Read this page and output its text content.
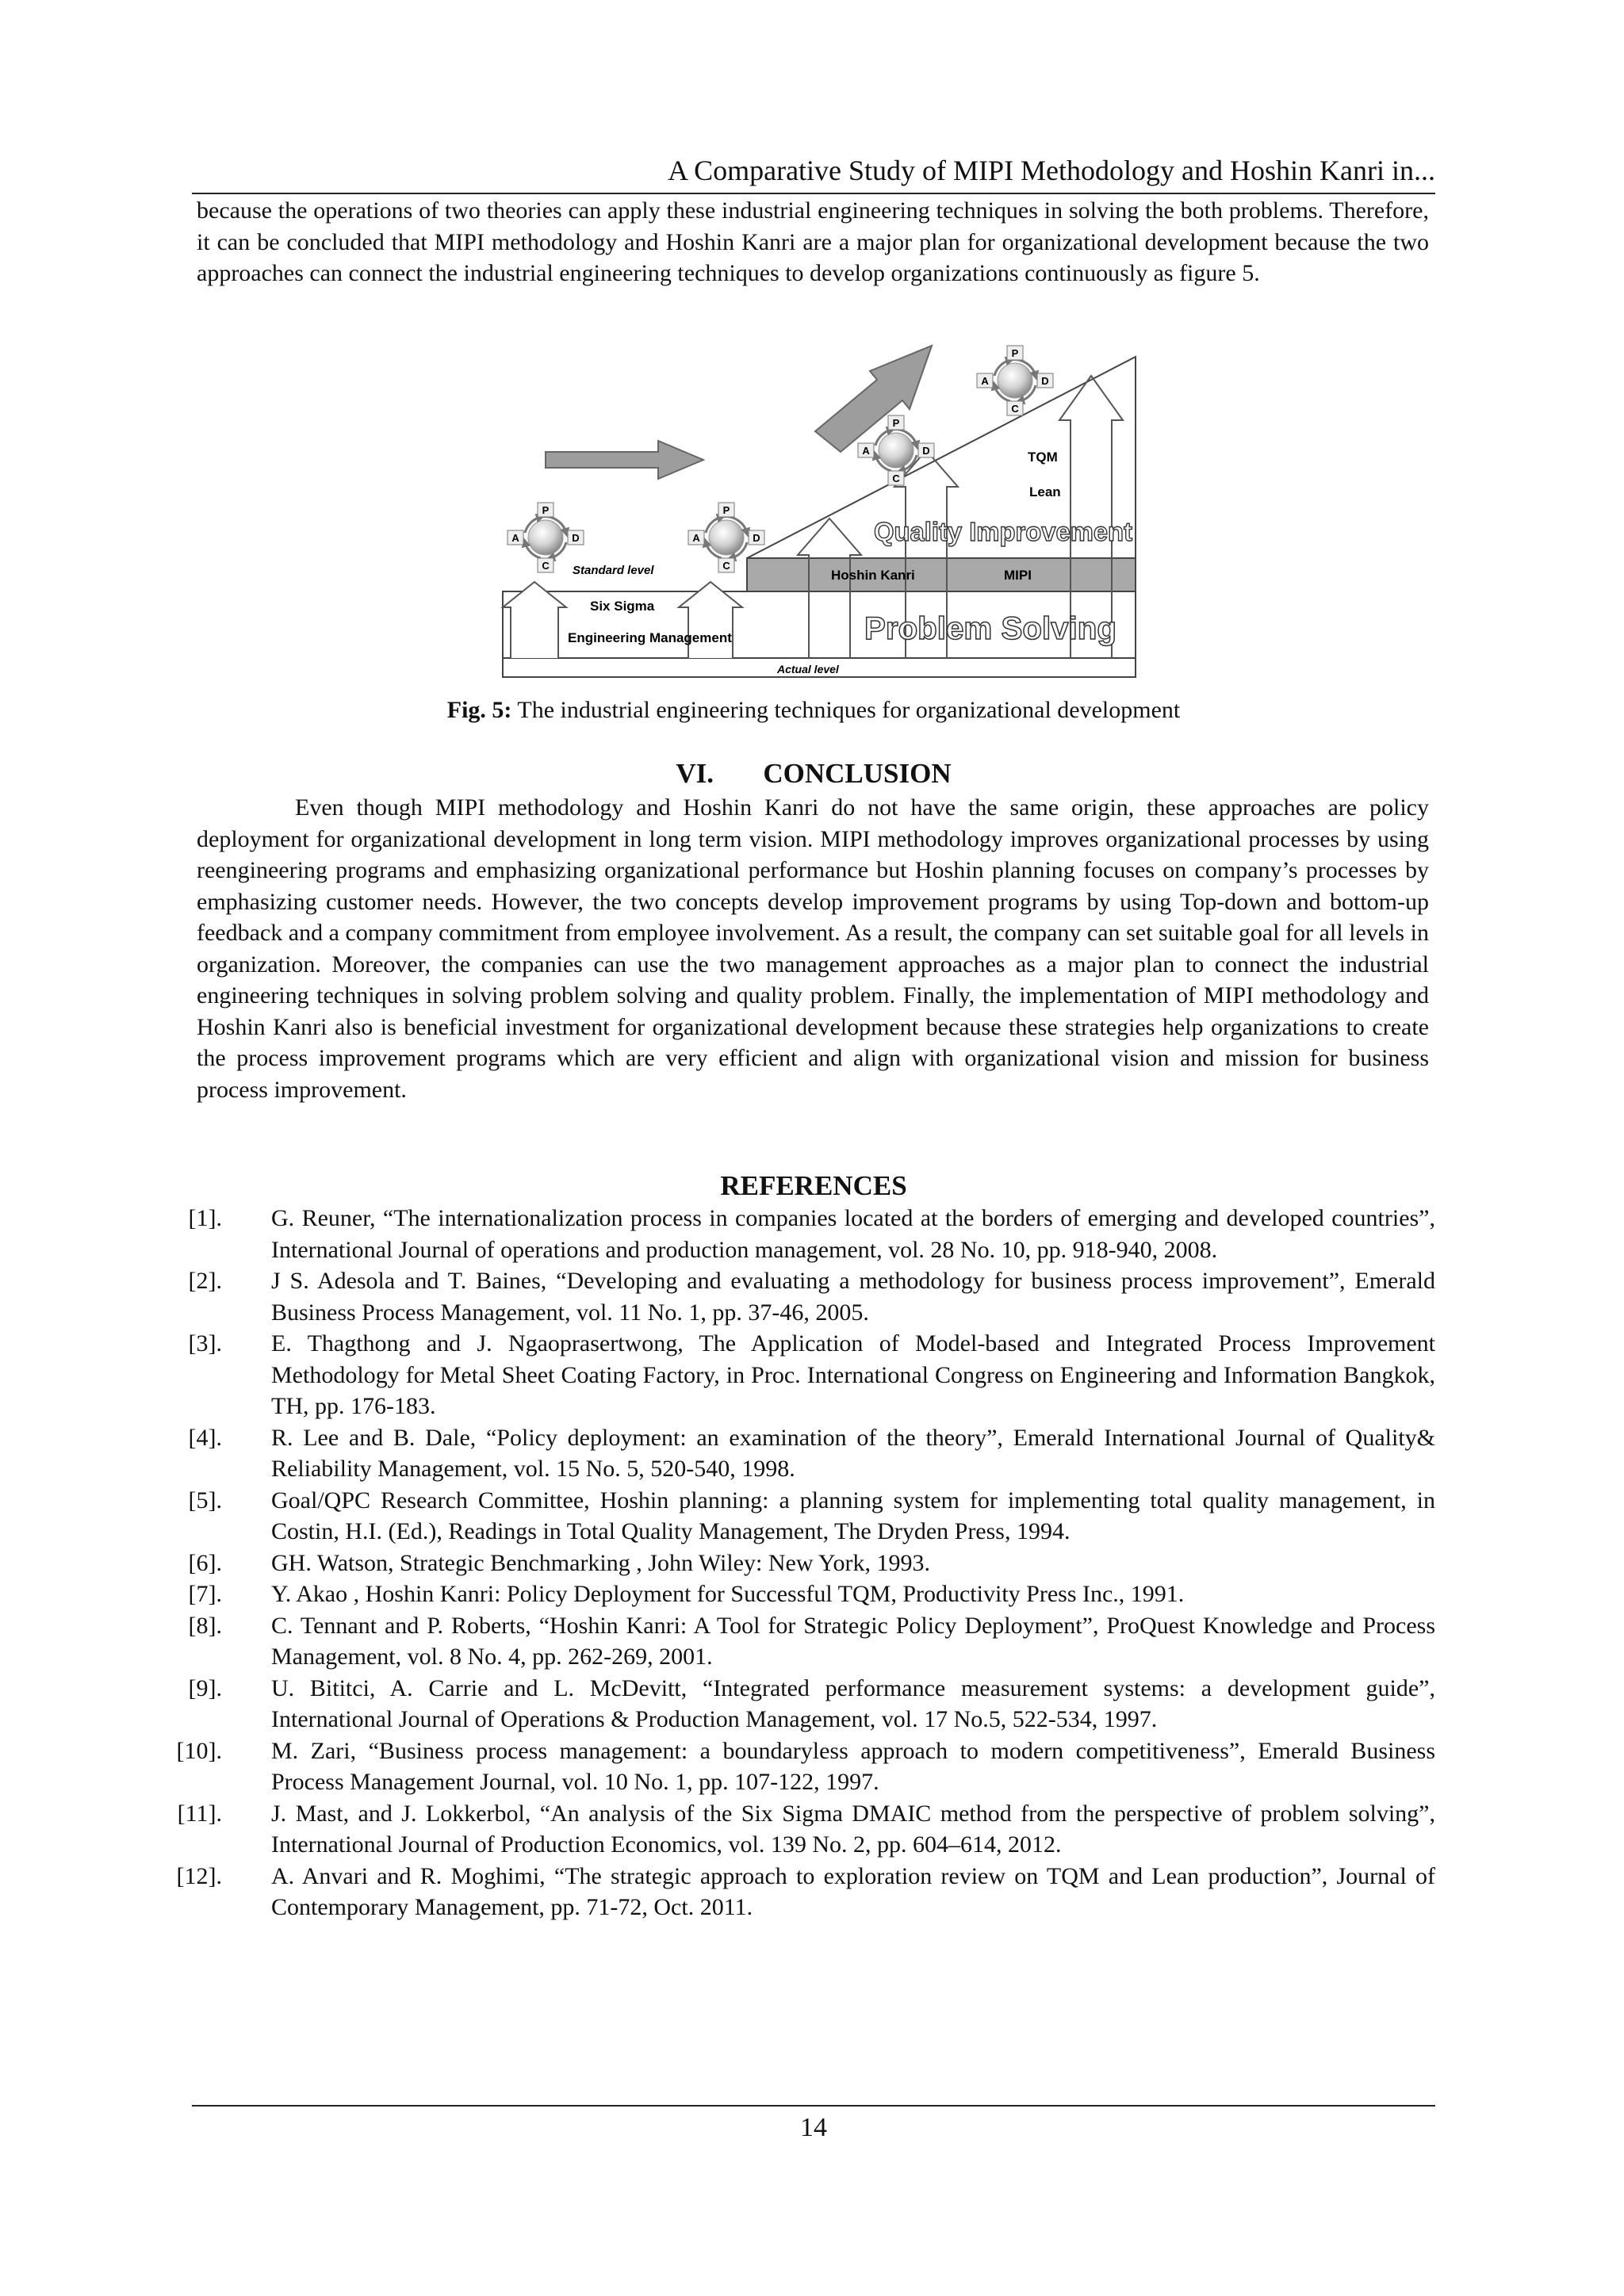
A Comparative Study of MIPI Methodology and Hoshin Kanri in...

because the operations of two theories can apply these industrial engineering techniques in solving the both problems. Therefore, it can be concluded that MIPI methodology and Hoshin Kanri are a major plan for organizational development because the two approaches can connect the industrial engineering techniques to develop organizations continuously as figure 5.

P
D
C
A
P
D
C
A
P
D
C
A
P
D
C
A
Standard level
Six Sigma
Engineering Management
Actual level
Hoshin Kanri	MIPI
TQM
Lean
Quality Improvement
Problem Solving
Fig. 5: The industrial engineering techniques for organizational development
VI. CONCLUSION

Even though MIPI methodology and Hoshin Kanri do not have the same origin, these approaches are policy deployment for organizational development in long term vision. MIPI methodology improves organizational processes by using reengineering programs and emphasizing organizational performance but Hoshin planning focuses on company’s processes by emphasizing customer needs. However, the two concepts develop improvement programs by using Top-down and bottom-up feedback and a company commitment from employee involvement. As a result, the company can set suitable goal for all levels in organization. Moreover, the companies can use the two management approaches as a major plan to connect the industrial engineering techniques in solving problem solving and quality problem. Finally, the implementation of MIPI methodology and Hoshin Kanri also is beneficial investment for organizational development because these strategies help organizations to create the process improvement programs which are very efficient and align with organizational vision and mission for business process improvement.

REFERENCES
[1]. G. Reuner, “The internationalization process in companies located at the borders of emerging and developed countries”, International Journal of operations and production management, vol. 28 No. 10, pp. 918-940, 2008.
[2]. J S. Adesola and T. Baines, “Developing and evaluating a methodology for business process improvement”, Emerald Business Process Management, vol. 11 No. 1, pp. 37-46, 2005.
[3]. E. Thagthong and J. Ngaoprasertwong, The Application of Model-based and Integrated Process Improvement Methodology for Metal Sheet Coating Factory, in Proc. International Congress on Engineering and Information Bangkok, TH, pp. 176-183.
[4]. R. Lee and B. Dale, “Policy deployment: an examination of the theory”, Emerald International Journal of Quality& Reliability Management, vol. 15 No. 5, 520-540, 1998.
[5]. Goal/QPC Research Committee, Hoshin planning: a planning system for implementing total quality management, in Costin, H.I. (Ed.), Readings in Total Quality Management, The Dryden Press, 1994.
[6]. GH. Watson, Strategic Benchmarking , John Wiley: New York, 1993.
[7]. Y. Akao , Hoshin Kanri: Policy Deployment for Successful TQM, Productivity Press Inc., 1991.
[8]. C. Tennant and P. Roberts, “Hoshin Kanri: A Tool for Strategic Policy Deployment”, ProQuest Knowledge and Process Management, vol. 8 No. 4, pp. 262-269, 2001.
[9]. U. Bititci, A. Carrie and L. McDevitt, “Integrated performance measurement systems: a development guide”, International Journal of Operations & Production Management, vol. 17 No.5, 522-534, 1997.
[10]. M. Zari, “Business process management: a boundaryless approach to modern competitiveness”, Emerald Business Process Management Journal, vol. 10 No. 1, pp. 107-122, 1997.
[11]. J. Mast, and J. Lokkerbol, “An analysis of the Six Sigma DMAIC method from the perspective of problem solving”, International Journal of Production Economics, vol. 139 No. 2, pp. 604–614, 2012.
[12]. A. Anvari and R. Moghimi, “The strategic approach to exploration review on TQM and Lean production”, Journal of Contemporary Management, pp. 71-72, Oct. 2011.
14
